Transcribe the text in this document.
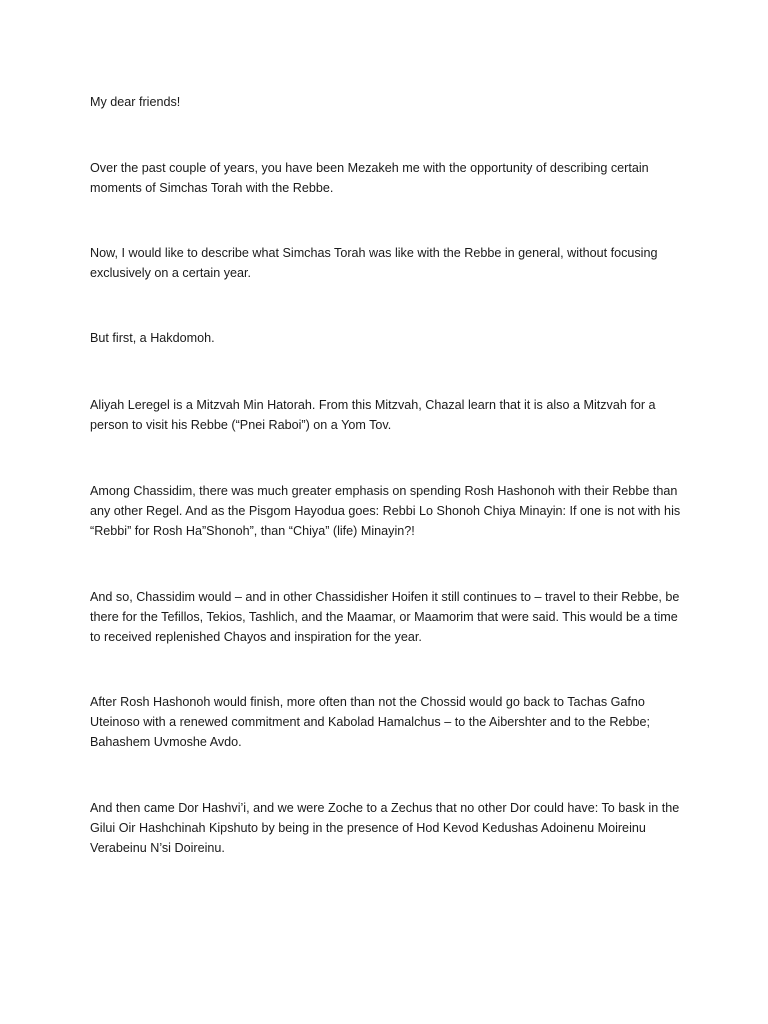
My dear friends!

Over the past couple of years, you have been Mezakeh me with the opportunity of describing certain moments of Simchas Torah with the Rebbe.

Now, I would like to describe what Simchas Torah was like with the Rebbe in general, without focusing exclusively on a certain year.

But first, a Hakdomoh.

Aliyah Leregel is a Mitzvah Min Hatorah. From this Mitzvah, Chazal learn that it is also a Mitzvah for a person to visit his Rebbe (“Pnei Raboi”) on a Yom Tov.

Among Chassidim, there was much greater emphasis on spending Rosh Hashonoh with their Rebbe than any other Regel. And as the Pisgom Hayodua goes: Rebbi Lo Shonoh Chiya Minayin: If one is not with his “Rebbi” for Rosh Ha”Shonoh”, than “Chiya” (life) Minayin?!

And so, Chassidim would – and in other Chassidisher Hoifen it still continues to – travel to their Rebbe, be there for the Tefillos, Tekios, Tashlich, and the Maamar, or Maamorim that were said. This would be a time to received replenished Chayos and inspiration for the year.

After Rosh Hashonoh would finish, more often than not the Chossid would go back to Tachas Gafno Uteinoso with a renewed commitment and Kabolad Hamalchus – to the Aibershter and to the Rebbe; Bahashem Uvmoshe Avdo.

And then came Dor Hashvi’i, and we were Zoche to a Zechus that no other Dor could have: To bask in the Gilui Oir Hashchinah Kipshuto by being in the presence of Hod Kevod Kedushas Adoinenu Moireinu Verabeinu N’si Doireinu.
